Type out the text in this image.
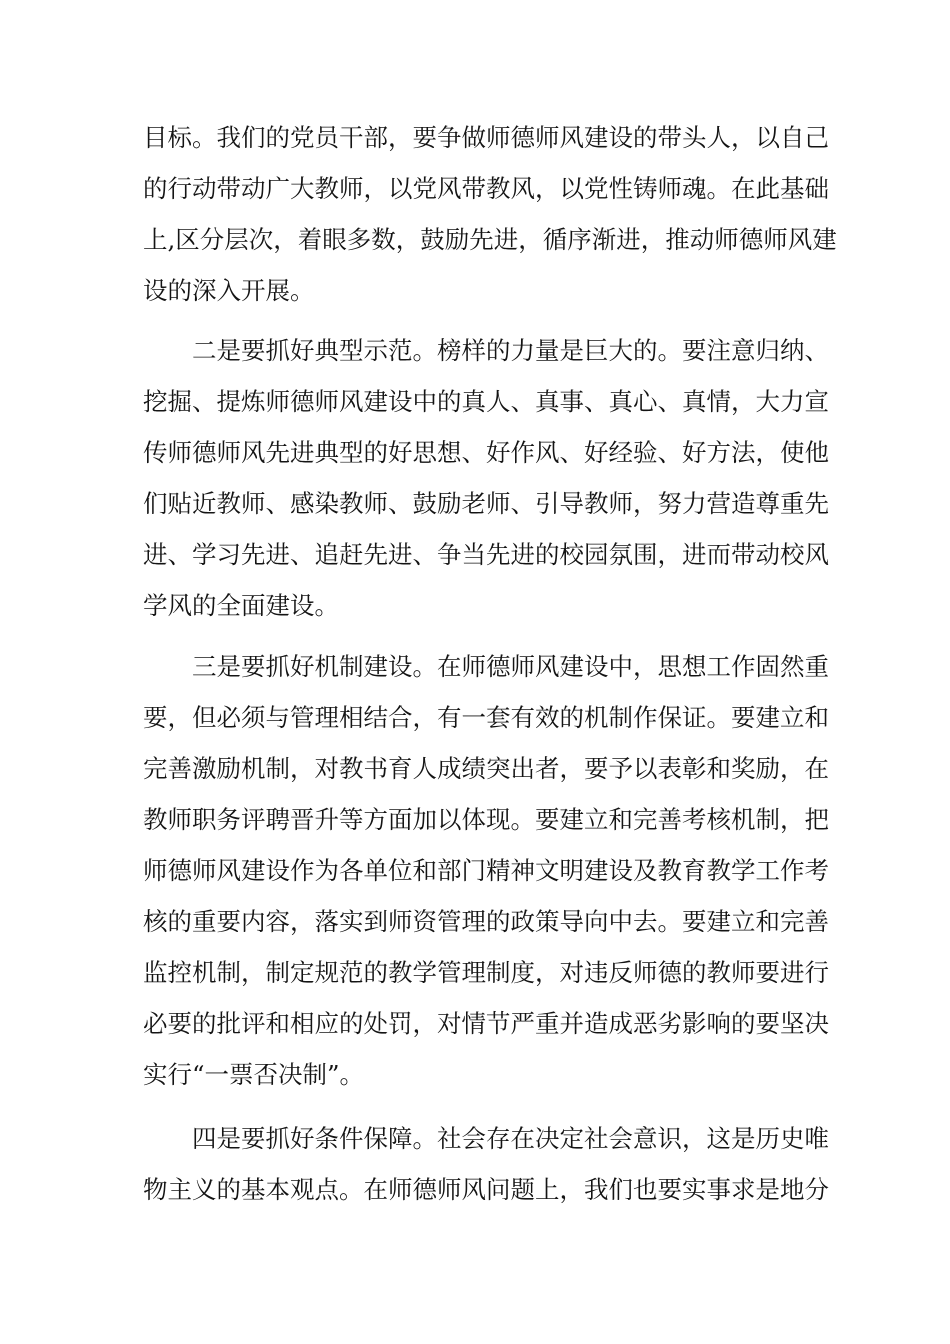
目标。我们的党员干部，要争做师德师风建设的带头人，以自己
的行动带动广大教师，以党风带教风，以党性铸师魂。在此基础
上,区分层次，着眼多数，鼓励先进，循序渐进，推动师德师风建
设的深入开展。
二是要抓好典型示范。榜样的力量是巨大的。要注意归纳、
挖掘、提炼师德师风建设中的真人、真事、真心、真情，大力宣
传师德师风先进典型的好思想、好作风、好经验、好方法，使他
们贴近教师、感染教师、鼓励老师、引导教师，努力营造尊重先
进、学习先进、追赶先进、争当先进的校园氛围，进而带动校风
学风的全面建设。
三是要抓好机制建设。在师德师风建设中，思想工作固然重
要，但必须与管理相结合，有一套有效的机制作保证。要建立和
完善激励机制，对教书育人成绩突出者，要予以表彰和奖励，在
教师职务评聘晋升等方面加以体现。要建立和完善考核机制，把
师德师风建设作为各单位和部门精神文明建设及教育教学工作考
核的重要内容，落实到师资管理的政策导向中去。要建立和完善
监控机制，制定规范的教学管理制度，对违反师德的教师要进行
必要的批评和相应的处罚，对情节严重并造成恶劣影响的要坚决
实行“一票否决制”。
四是要抓好条件保障。社会存在决定社会意识，这是历史唯
物主义的基本观点。在师德师风问题上，我们也要实事求是地分
